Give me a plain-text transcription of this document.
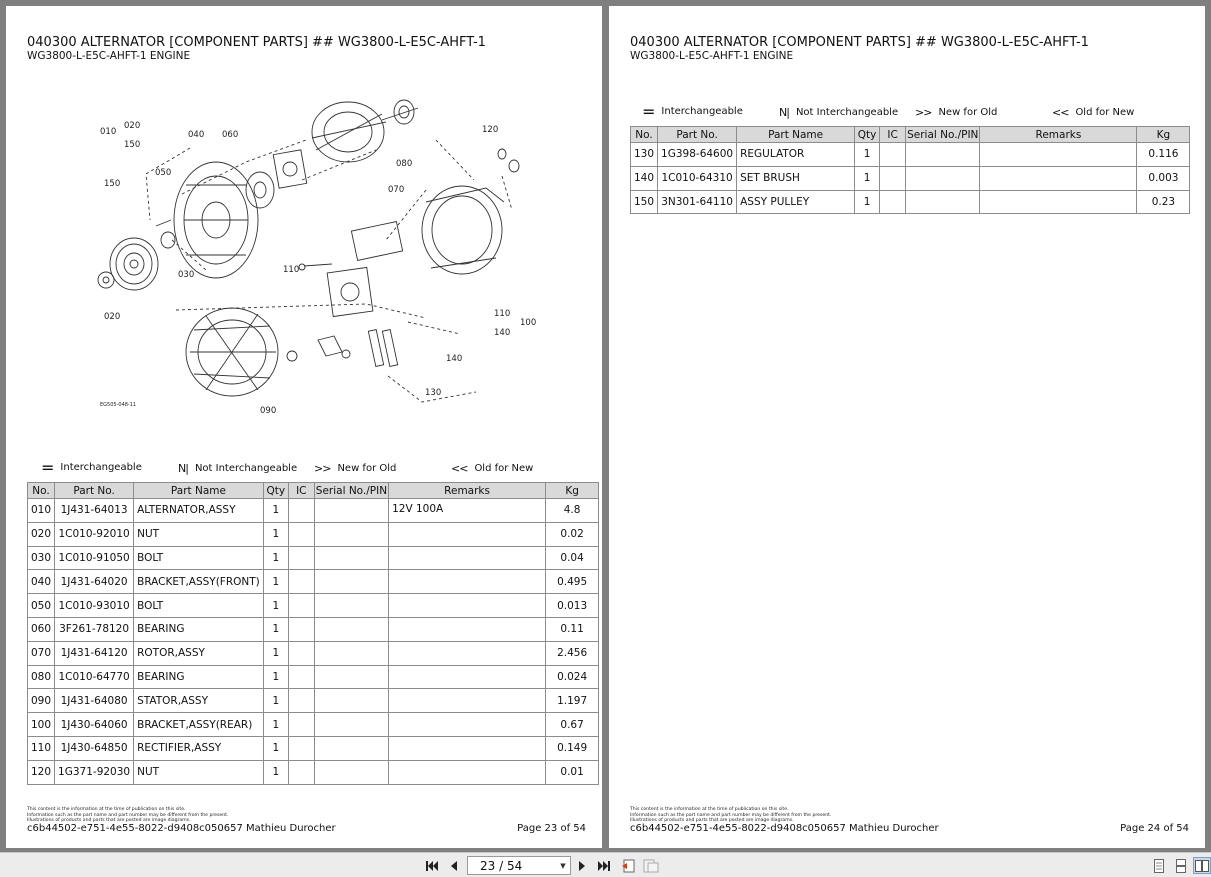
040300 ALTERNATOR [COMPONENT PARTS] ## WG3800-L-E5C-AHFT-1
WG3800-L-E5C-AHFT-1 ENGINE
010
020
150
040 060
050
150
030
020
080
070
120
110
110
140
100
140
130
090
EG505-048-11
= Interchangeable	N| Not Interchangeable >> New for Old	<< Old for New
No.	Part No.	Part Name	Qty	IC	Serial No./PIN	Remarks	Kg
010	1J431-64013	ALTERNATOR,ASSY	1			12V 100A	4.8
020	1C010-92010	NUT	1				0.02
030	1C010-91050	BOLT	1				0.04
040	1J431-64020	BRACKET,ASSY(FRONT)	1				0.495
050	1C010-93010	BOLT	1				0.013
060	3F261-78120	BEARING	1				0.11
070	1J431-64120	ROTOR,ASSY	1				2.456
080	1C010-64770	BEARING	1				0.024
090	1J431-64080	STATOR,ASSY	1				1.197
100	1J430-64060	BRACKET,ASSY(REAR)	1				0.67
110	1J430-64850	RECTIFIER,ASSY	1				0.149
120	1G371-92030	NUT	1				0.01
This content is the information at the time of publication on this site.
Information such as the part name and part number may be different from the present.
Illustrations of products and parts that are posted are image diagrams.
c6b44502-e751-4e55-8022-d9408c050657 Mathieu Durocher	Page 23 of 54
040300 ALTERNATOR [COMPONENT PARTS] ## WG3800-L-E5C-AHFT-1
WG3800-L-E5C-AHFT-1 ENGINE
= Interchangeable	N| Not Interchangeable >> New for Old	<< Old for New
No.	Part No.	Part Name	Qty	IC	Serial No./PIN	Remarks	Kg
130	1G398-64600	REGULATOR	1				0.116
140	1C010-64310	SET BRUSH	1				0.003
150	3N301-64110	ASSY PULLEY	1				0.23
This content is the information at the time of publication on this site.
Information such as the part name and part number may be different from the present.
Illustrations of products and parts that are posted are image diagrams.
c6b44502-e751-4e55-8022-d9408c050657 Mathieu Durocher	Page 24 of 54
23 / 54	▼
